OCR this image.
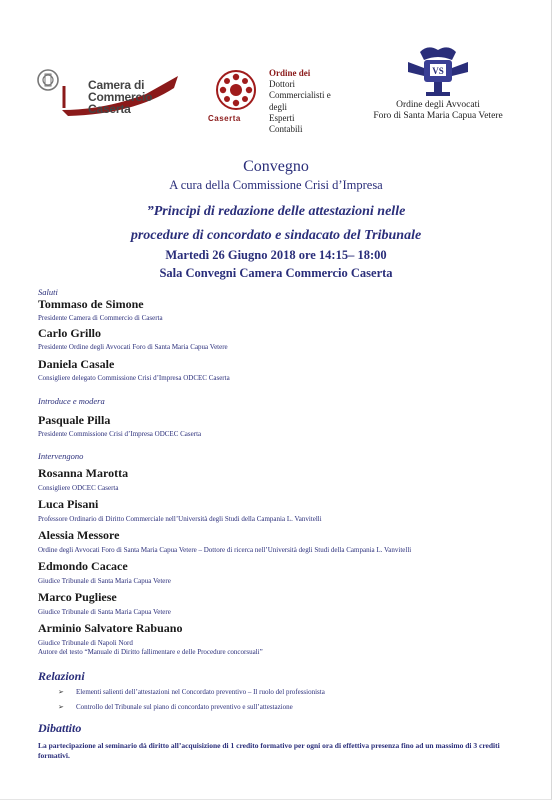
Camera di Commercio
Caserta
Caserta
Ordine dei
Dottori
Commercialisti e
degli
Esperti
Contabili
VS
Ordine degli Avvocati
Foro di Santa Maria Capua Vetere
Convegno
A cura della Commissione Crisi d’Impresa
”Principi di redazione delle attestazioni nelle
procedure di concordato e sindacato del Tribunale
Martedì 26 Giugno 2018 ore 14:15– 18:00
Sala Convegni Camera Commercio Caserta
Saluti
Tommaso de Simone
Presidente Camera di Commercio di Caserta
Carlo Grillo
Presidente Ordine degli Avvocati Foro di Santa Maria Capua Vetere
Daniela Casale
Consigliere delegato Commissione Crisi d’Impresa ODCEC Caserta
Introduce e modera
Pasquale Pilla
Presidente Commissione Crisi d’Impresa ODCEC Caserta
Intervengono
Rosanna Marotta
Consigliere ODCEC Caserta
Luca Pisani
Professore Ordinario di Diritto Commerciale nell’Università degli Studi della Campania L. Vanvitelli
Alessia Messore
Ordine degli Avvocati Foro di Santa Maria Capua Vetere – Dottore di ricerca nell’Università degli Studi della Campania L. Vanvitelli
Edmondo Cacace
Giudice Tribunale di Santa Maria Capua Vetere
Marco Pugliese
Giudice Tribunale di Santa Maria Capua Vetere
Arminio Salvatore Rabuano
Giudice Tribunale di Napoli Nord
Autore del testo “Manuale di Diritto fallimentare e delle Procedure concorsuali”
Relazioni
➢ Elementi salienti dell’attestazioni nel Concordato preventivo – Il ruolo del professionista
➢ Controllo del Tribunale sul piano di concordato preventivo e sull’attestazione
Dibattito
La partecipazione al seminario dà diritto all’acquisizione di 1 credito formativo per ogni ora di effettiva presenza fino ad un massimo di 3 crediti formativi.
